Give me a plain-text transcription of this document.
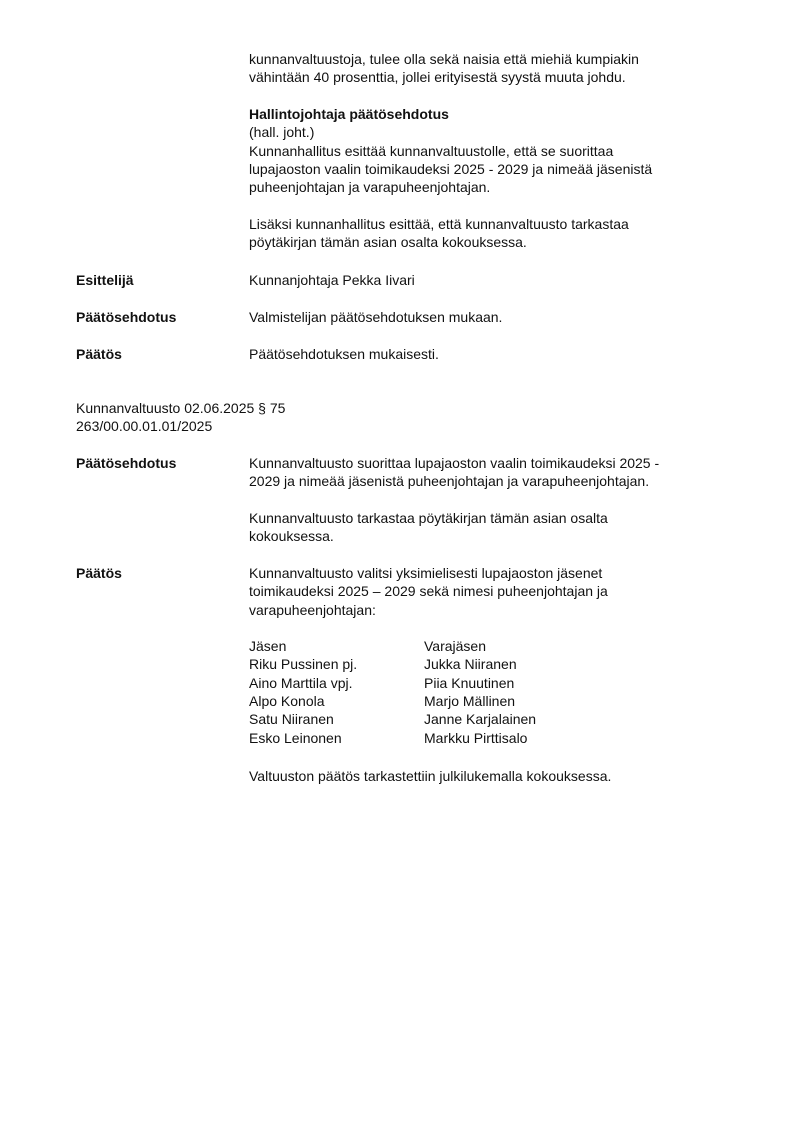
kunnanvaltuustoja, tulee olla sekä naisia että miehiä kumpiakin

vähintään 40 prosenttia, jollei erityisestä syystä muuta johdu.

Hallintojohtaja päätösehdotus

(hall. joht.)

Kunnanhallitus esittää kunnanvaltuustolle, että se suorittaa

lupajaoston vaalin toimikaudeksi 2025 - 2029 ja nimeää jäsenistä

puheenjohtajan ja varapuheenjohtajan.

Lisäksi kunnanhallitus esittää, että kunnanvaltuusto tarkastaa

pöytäkirjan tämän asian osalta kokouksessa.

Esittelijä	Kunnanjohtaja Pekka Iivari
Päätösehdotus	Valmistelijan päätösehdotuksen mukaan.
Päätös	Päätösehdotuksen mukaisesti.

Kunnanvaltuusto 02.06.2025 § 75

263/00.00.01.01/2025

Päätösehdotus	Kunnanvaltuusto suorittaa lupajaoston vaalin toimikaudeksi 2025 -

2029 ja nimeää jäsenistä puheenjohtajan ja varapuheenjohtajan.

Kunnanvaltuusto tarkastaa pöytäkirjan tämän asian osalta

kokouksessa.

Päätös	Kunnanvaltuusto valitsi yksimielisesti lupajaoston jäsenet

toimikaudeksi 2025 – 2029 sekä nimesi puheenjohtajan ja

varapuheenjohtajan:

Jäsen	Varajäsen
Riku Pussinen pj.	Jukka Niiranen
Aino Marttila vpj.	Piia Knuutinen
Alpo Konola	Marjo Mällinen
Satu Niiranen	Janne Karjalainen
Esko Leinonen	Markku Pirttisalo
Valtuuston päätös tarkastettiin julkilukemalla kokouksessa.
